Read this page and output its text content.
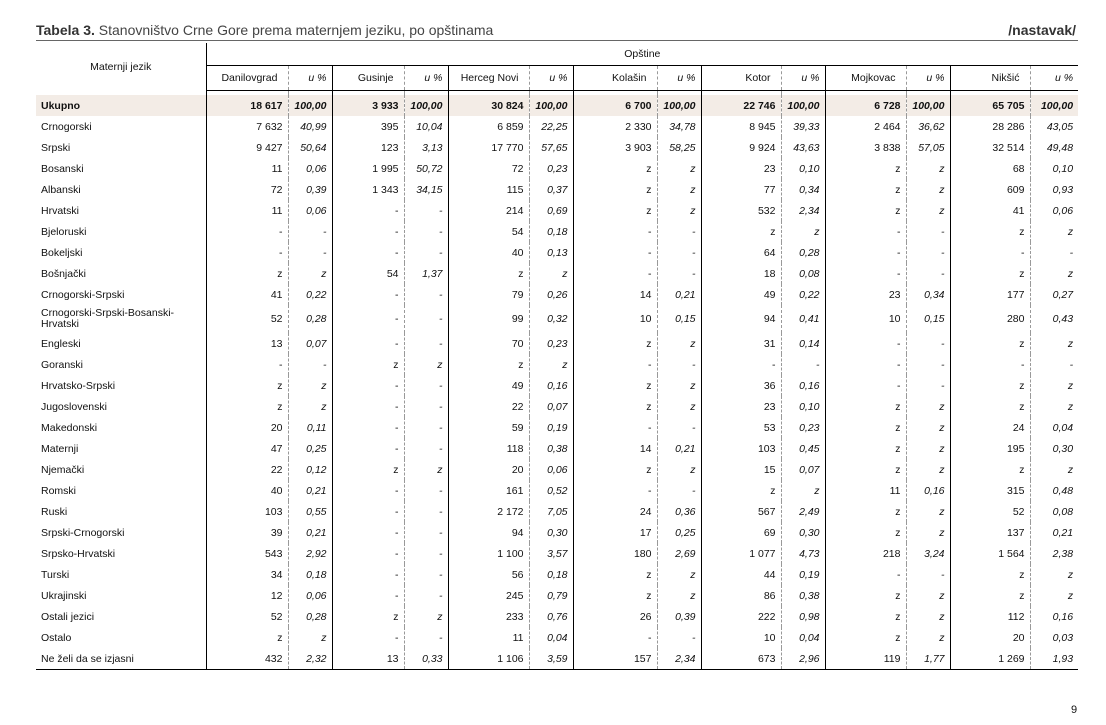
Tabela 3. Stanovništvo Crne Gore prema maternjem jeziku, po opštinama	/nastavak/
Maternji jezik	Opštine													
	Danilovgrad	u %	Gusinje	u %	Herceg Novi	u %	Kolašin	u %	Kotor	u %	Mojkovac	u %	Nikšić	u %

Ukupno	18 617	100,00	3 933	100,00	30 824	100,00	6 700	100,00	22 746	100,00	6 728	100,00	65 705	100,00
Crnogorski	7 632	40,99	395	10,04	6 859	22,25	2 330	34,78	8 945	39,33	2 464	36,62	28 286	43,05
Srpski	9 427	50,64	123	3,13	17 770	57,65	3 903	58,25	9 924	43,63	3 838	57,05	32 514	49,48
Bosanski	11	0,06	1 995	50,72	72	0,23	z	z	23	0,10	z	z	68	0,10
Albanski	72	0,39	1 343	34,15	115	0,37	z	z	77	0,34	z	z	609	0,93
Hrvatski	11	0,06	-	-	214	0,69	z	z	532	2,34	z	z	41	0,06
Bjeloruski	-	-	-	-	54	0,18	-	-	z	z	-	-	z	z
Bokeljski	-	-	-	-	40	0,13	-	-	64	0,28	-	-	-	-
Bošnjački	z	z	54	1,37	z	z	-	-	18	0,08	-	-	z	z
Crnogorski-Srpski	41	0,22	-	-	79	0,26	14	0,21	49	0,22	23	0,34	177	0,27
Crnogorski-Srpski-Bosanski-Hrvatski	52	0,28	-	-	99	0,32	10	0,15	94	0,41	10	0,15	280	0,43
Engleski	13	0,07	-	-	70	0,23	z	z	31	0,14	-	-	z	z
Goranski	-	-	z	z	z	z	-	-	-	-	-	-	-	-
Hrvatsko-Srpski	z	z	-	-	49	0,16	z	z	36	0,16	-	-	z	z
Jugoslovenski	z	z	-	-	22	0,07	z	z	23	0,10	z	z	z	z
Makedonski	20	0,11	-	-	59	0,19	-	-	53	0,23	z	z	24	0,04
Maternji	47	0,25	-	-	118	0,38	14	0,21	103	0,45	z	z	195	0,30
Njemački	22	0,12	z	z	20	0,06	z	z	15	0,07	z	z	z	z
Romski	40	0,21	-	-	161	0,52	-	-	z	z	11	0,16	315	0,48
Ruski	103	0,55	-	-	2 172	7,05	24	0,36	567	2,49	z	z	52	0,08
Srpski-Crnogorski	39	0,21	-	-	94	0,30	17	0,25	69	0,30	z	z	137	0,21
Srpsko-Hrvatski	543	2,92	-	-	1 100	3,57	180	2,69	1 077	4,73	218	3,24	1 564	2,38
Turski	34	0,18	-	-	56	0,18	z	z	44	0,19	-	-	z	z
Ukrajinski	12	0,06	-	-	245	0,79	z	z	86	0,38	z	z	z	z
Ostali jezici	52	0,28	z	z	233	0,76	26	0,39	222	0,98	z	z	112	0,16
Ostalo	z	z	-	-	11	0,04	-	-	10	0,04	z	z	20	0,03
Ne želi da se izjasni	432	2,32	13	0,33	1 106	3,59	157	2,34	673	2,96	119	1,77	1 269	1,93
9
